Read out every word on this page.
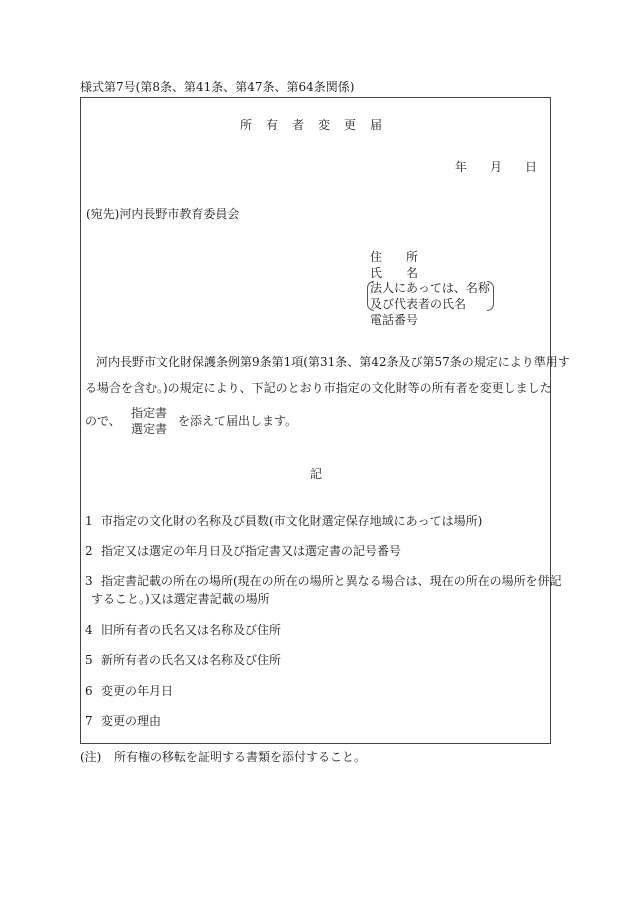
様式第7号(第8条、第41条、第47条、第64条関係)
所　有　者　変　更　届
年 月 日
(宛先)河内長野市教育委員会
住　　所
氏　　名
法人にあっては、名称
及び代表者の氏名
電話番号
河内長野市文化財保護条例第9条第1項(第31条、第42条及び第57条の規定により準用す
る場合を含む。)の規定により、下記のとおり市指定の文化財等の所有者を変更しました
ので、
指定書
選定書
を添えて届出します。
記
1 市指定の文化財の名称及び員数(市文化財選定保存地域にあっては場所)
2 指定又は選定の年月日及び指定書又は選定書の記号番号
3 指定書記載の所在の場所(現在の所在の場所と異なる場合は、現在の所在の場所を併記
すること。)又は選定書記載の場所
4 旧所有者の氏名又は名称及び住所
5 新所有者の氏名又は名称及び住所
6 変更の年月日
7 変更の理由
(注) 所有権の移転を証明する書類を添付すること。
